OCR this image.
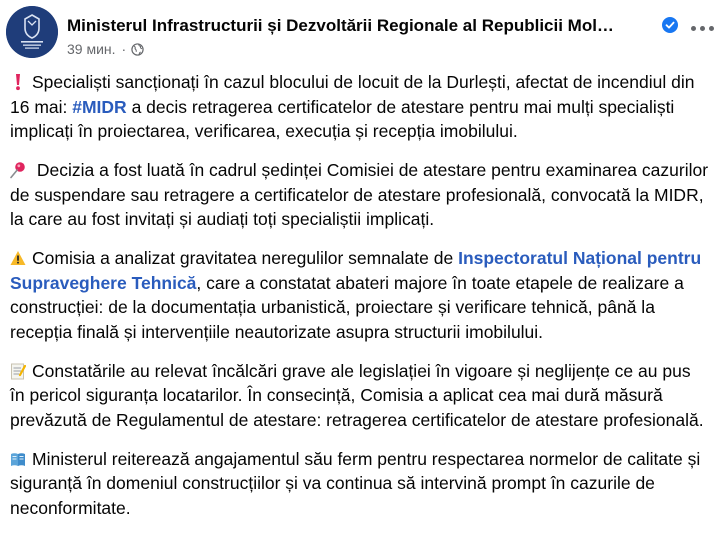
Ministerul Infrastructurii și Dezvoltării Regionale al Republicii Mol…
39 мин. ·

Specialiști sancționați în cazul blocului de locuit de la Durlești, afectat de incendiul din 16 mai: #MIDR a decis retragerea certificatelor de atestare pentru mai mulți specialiști implicați în proiectarea, verificarea, execuția și recepția imobilului.

Decizia a fost luată în cadrul ședinței Comisiei de atestare pentru examinarea cazurilor de suspendare sau retragere a certificatelor de atestare profesională, convocată la MIDR, la care au fost invitați și audiați toți specialiștii implicați.

Comisia a analizat gravitatea neregulilor semnalate de Inspectoratul Național pentru Supraveghere Tehnică, care a constatat abateri majore în toate etapele de realizare a construcției: de la documentația urbanistică, proiectare și verificare tehnică, până la recepția finală și intervențiile neautorizate asupra structurii imobilului.

Constatările au relevat încălcări grave ale legislației în vigoare și neglijențe ce au pus în pericol siguranța locatarilor. În consecință, Comisia a aplicat cea mai dură măsură prevăzută de Regulamentul de atestare: retragerea certificatelor de atestare profesională.

Ministerul reiterează angajamentul său ferm pentru respectarea normelor de calitate și siguranță în domeniul construcțiilor și va continua să intervină prompt în cazurile de neconformitate.
